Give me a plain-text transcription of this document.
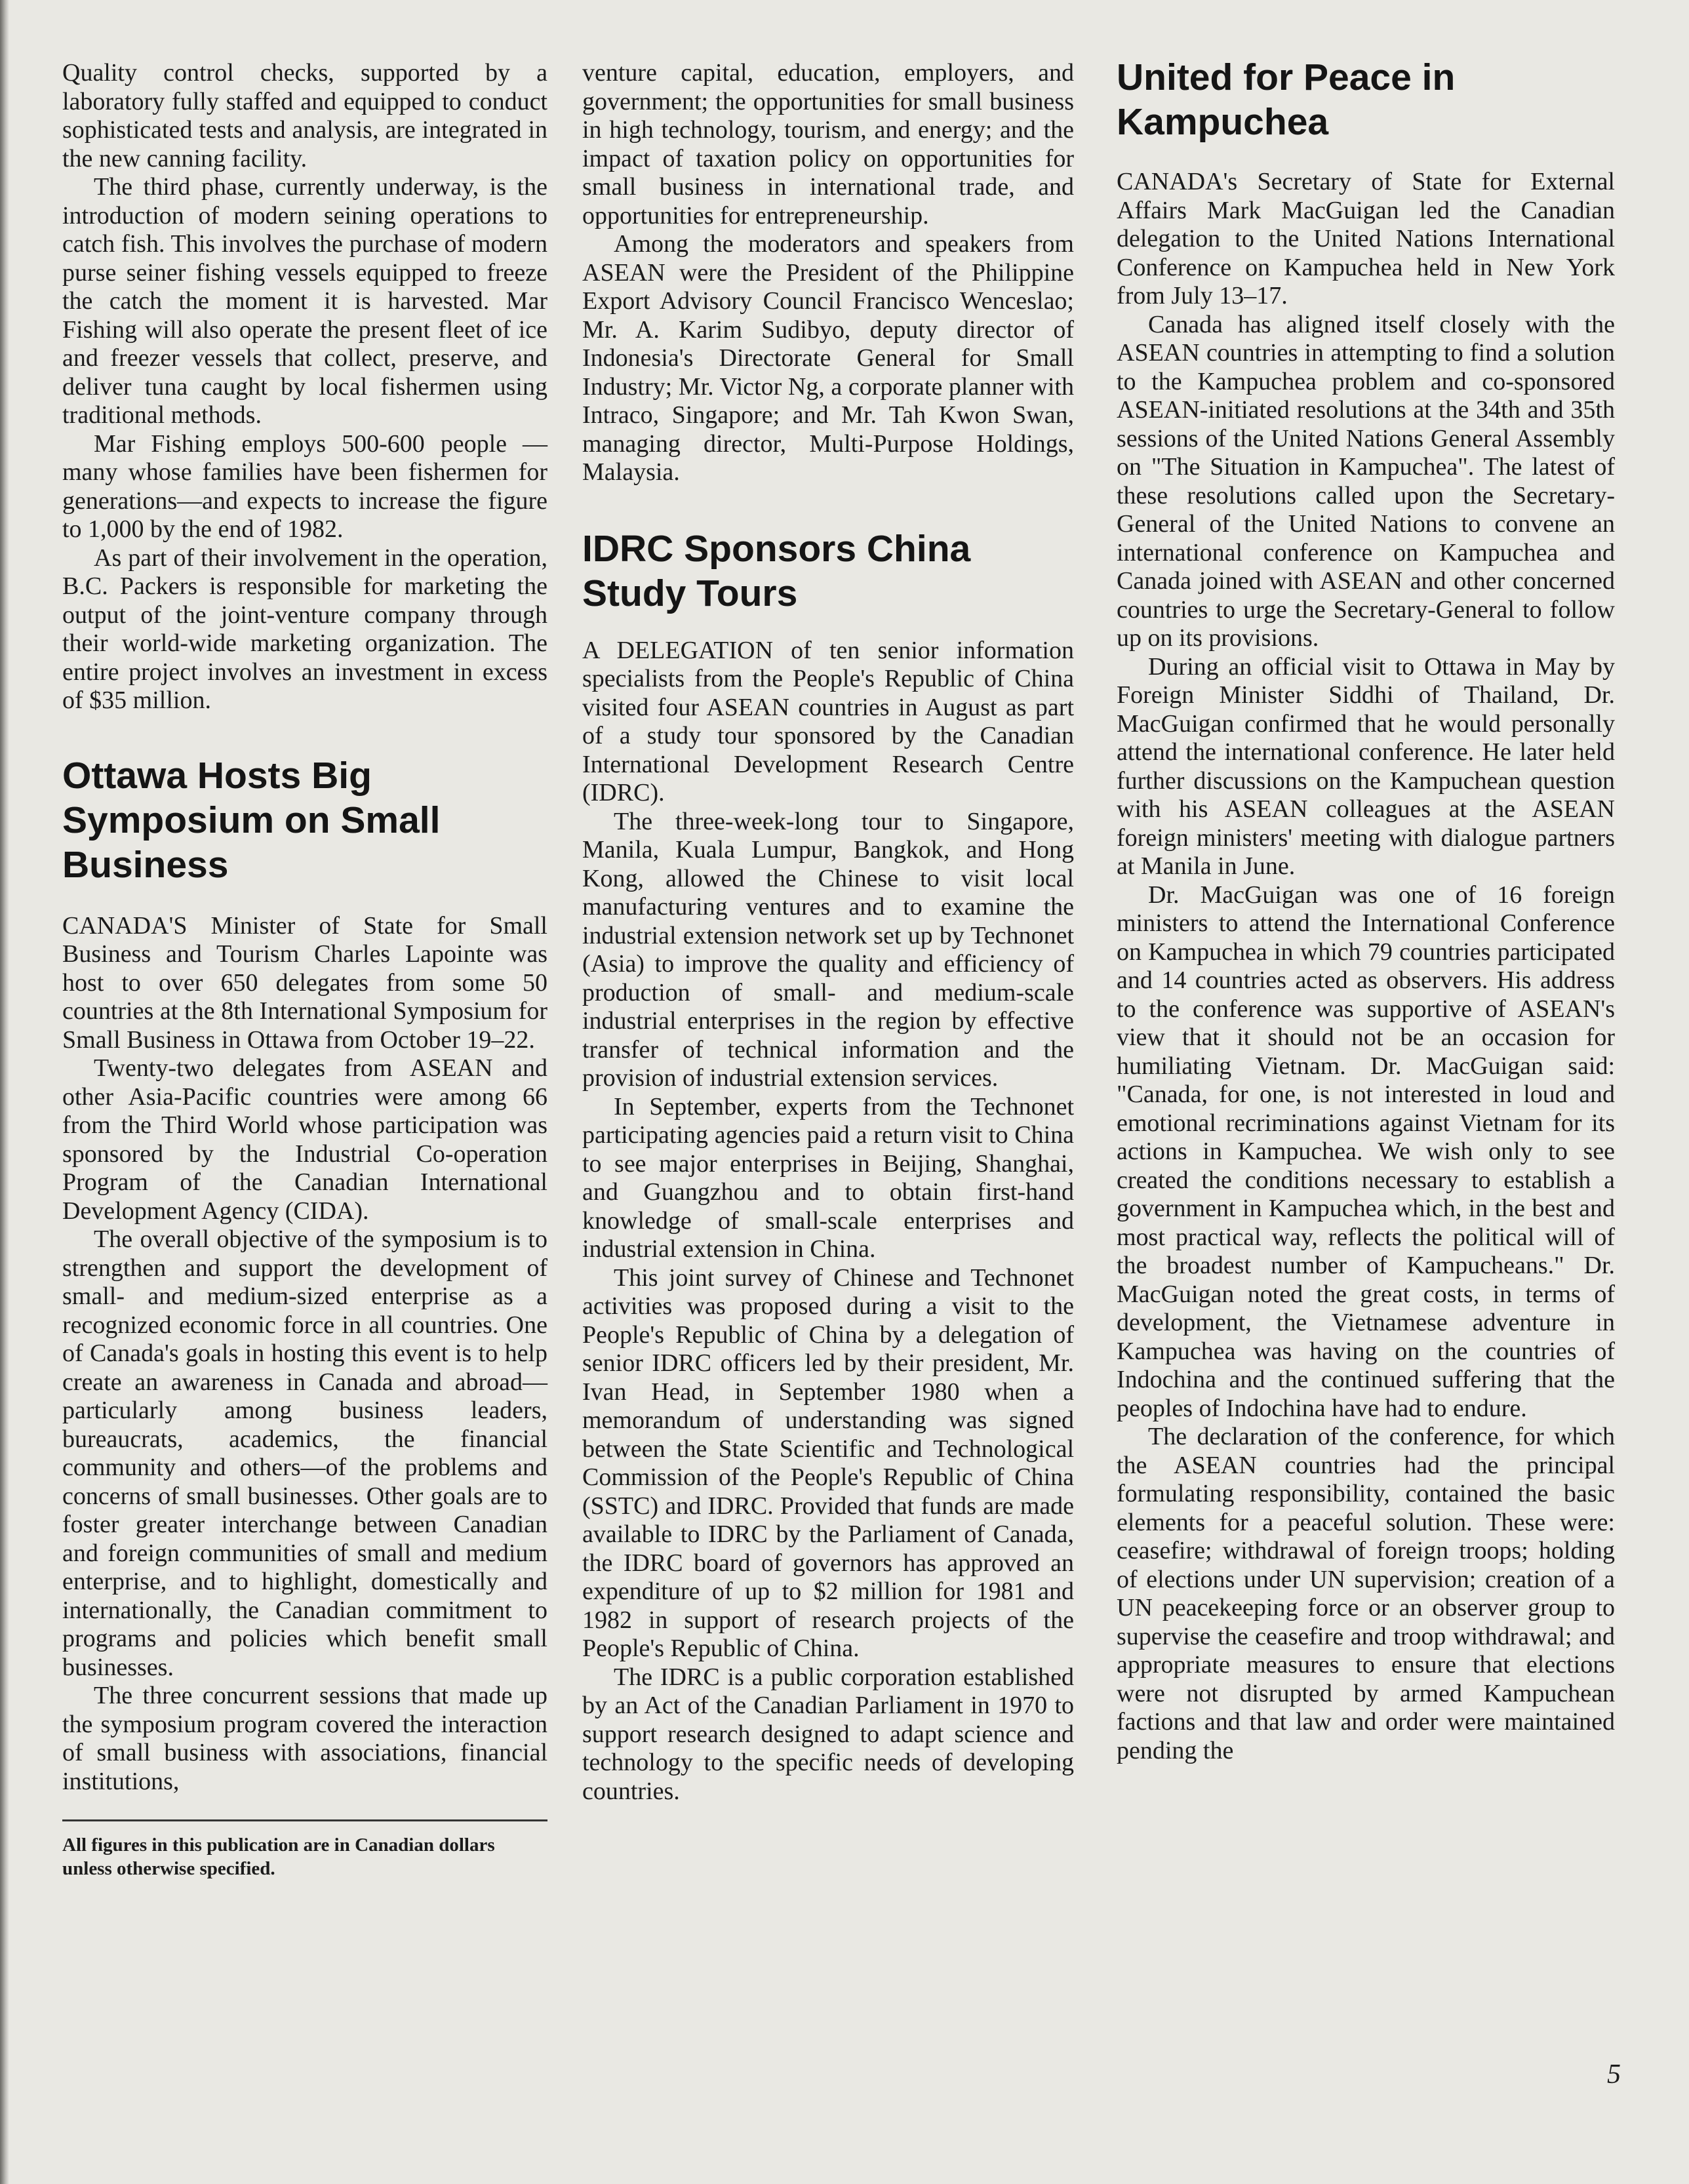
Quality control checks, supported by a laboratory fully staffed and equipped to conduct sophisticated tests and analysis, are integrated in the new canning facility.

The third phase, currently underway, is the introduction of modern seining operations to catch fish. This involves the purchase of modern purse seiner fishing vessels equipped to freeze the catch the moment it is harvested. Mar Fishing will also operate the present fleet of ice and freezer vessels that collect, preserve, and deliver tuna caught by local fishermen using traditional methods.

Mar Fishing employs 500-600 people —many whose families have been fishermen for generations—and expects to increase the figure to 1,000 by the end of 1982.

As part of their involvement in the operation, B.C. Packers is responsible for marketing the output of the joint-venture company through their world-wide marketing organization. The entire project involves an investment in excess of $35 million.

Ottawa Hosts Big Symposium on Small Business

CANADA'S Minister of State for Small Business and Tourism Charles Lapointe was host to over 650 delegates from some 50 countries at the 8th International Symposium for Small Business in Ottawa from October 19–22.

Twenty-two delegates from ASEAN and other Asia-Pacific countries were among 66 from the Third World whose participation was sponsored by the Industrial Co-operation Program of the Canadian International Development Agency (CIDA).

The overall objective of the symposium is to strengthen and support the development of small- and medium-sized enterprise as a recognized economic force in all countries. One of Canada's goals in hosting this event is to help create an awareness in Canada and abroad—particularly among business leaders, bureaucrats, academics, the financial community and others—of the problems and concerns of small businesses. Other goals are to foster greater interchange between Canadian and foreign communities of small and medium enterprise, and to highlight, domestically and internationally, the Canadian commitment to programs and policies which benefit small businesses.

The three concurrent sessions that made up the symposium program covered the interaction of small business with associations, financial institutions,

All figures in this publication are in Canadian dollars unless otherwise specified.

venture capital, education, employers, and government; the opportunities for small business in high technology, tourism, and energy; and the impact of taxation policy on opportunities for small business in international trade, and opportunities for entrepreneurship.

Among the moderators and speakers from ASEAN were the President of the Philippine Export Advisory Council Francisco Wenceslao; Mr. A. Karim Sudibyo, deputy director of Indonesia's Directorate General for Small Industry; Mr. Victor Ng, a corporate planner with Intraco, Singapore; and Mr. Tah Kwon Swan, managing director, Multi-Purpose Holdings, Malaysia.

IDRC Sponsors China Study Tours

A DELEGATION of ten senior information specialists from the People's Republic of China visited four ASEAN countries in August as part of a study tour sponsored by the Canadian International Development Research Centre (IDRC).

The three-week-long tour to Singapore, Manila, Kuala Lumpur, Bangkok, and Hong Kong, allowed the Chinese to visit local manufacturing ventures and to examine the industrial extension network set up by Technonet (Asia) to improve the quality and efficiency of production of small- and medium-scale industrial enterprises in the region by effective transfer of technical information and the provision of industrial extension services.

In September, experts from the Technonet participating agencies paid a return visit to China to see major enterprises in Beijing, Shanghai, and Guangzhou and to obtain first-hand knowledge of small-scale enterprises and industrial extension in China.

This joint survey of Chinese and Technonet activities was proposed during a visit to the People's Republic of China by a delegation of senior IDRC officers led by their president, Mr. Ivan Head, in September 1980 when a memorandum of understanding was signed between the State Scientific and Technological Commission of the People's Republic of China (SSTC) and IDRC. Provided that funds are made available to IDRC by the Parliament of Canada, the IDRC board of governors has approved an expenditure of up to $2 million for 1981 and 1982 in support of research projects of the People's Republic of China.

The IDRC is a public corporation established by an Act of the Canadian Parliament in 1970 to support research designed to adapt science and technology to the specific needs of developing countries.

United for Peace in Kampuchea

CANADA's Secretary of State for External Affairs Mark MacGuigan led the Canadian delegation to the United Nations International Conference on Kampuchea held in New York from July 13–17.

Canada has aligned itself closely with the ASEAN countries in attempting to find a solution to the Kampuchea problem and co-sponsored ASEAN-initiated resolutions at the 34th and 35th sessions of the United Nations General Assembly on "The Situation in Kampuchea". The latest of these resolutions called upon the Secretary-General of the United Nations to convene an international conference on Kampuchea and Canada joined with ASEAN and other concerned countries to urge the Secretary-General to follow up on its provisions.

During an official visit to Ottawa in May by Foreign Minister Siddhi of Thailand, Dr. MacGuigan confirmed that he would personally attend the international conference. He later held further discussions on the Kampuchean question with his ASEAN colleagues at the ASEAN foreign ministers' meeting with dialogue partners at Manila in June.

Dr. MacGuigan was one of 16 foreign ministers to attend the International Conference on Kampuchea in which 79 countries participated and 14 countries acted as observers. His address to the conference was supportive of ASEAN's view that it should not be an occasion for humiliating Vietnam. Dr. MacGuigan said: "Canada, for one, is not interested in loud and emotional recriminations against Vietnam for its actions in Kampuchea. We wish only to see created the conditions necessary to establish a government in Kampuchea which, in the best and most practical way, reflects the political will of the broadest number of Kampucheans." Dr. MacGuigan noted the great costs, in terms of development, the Vietnamese adventure in Kampuchea was having on the countries of Indochina and the continued suffering that the peoples of Indochina have had to endure.

The declaration of the conference, for which the ASEAN countries had the principal formulating responsibility, contained the basic elements for a peaceful solution. These were: ceasefire; withdrawal of foreign troops; holding of elections under UN supervision; creation of a UN peacekeeping force or an observer group to supervise the ceasefire and troop withdrawal; and appropriate measures to ensure that elections were not disrupted by armed Kampuchean factions and that law and order were maintained pending the

5
